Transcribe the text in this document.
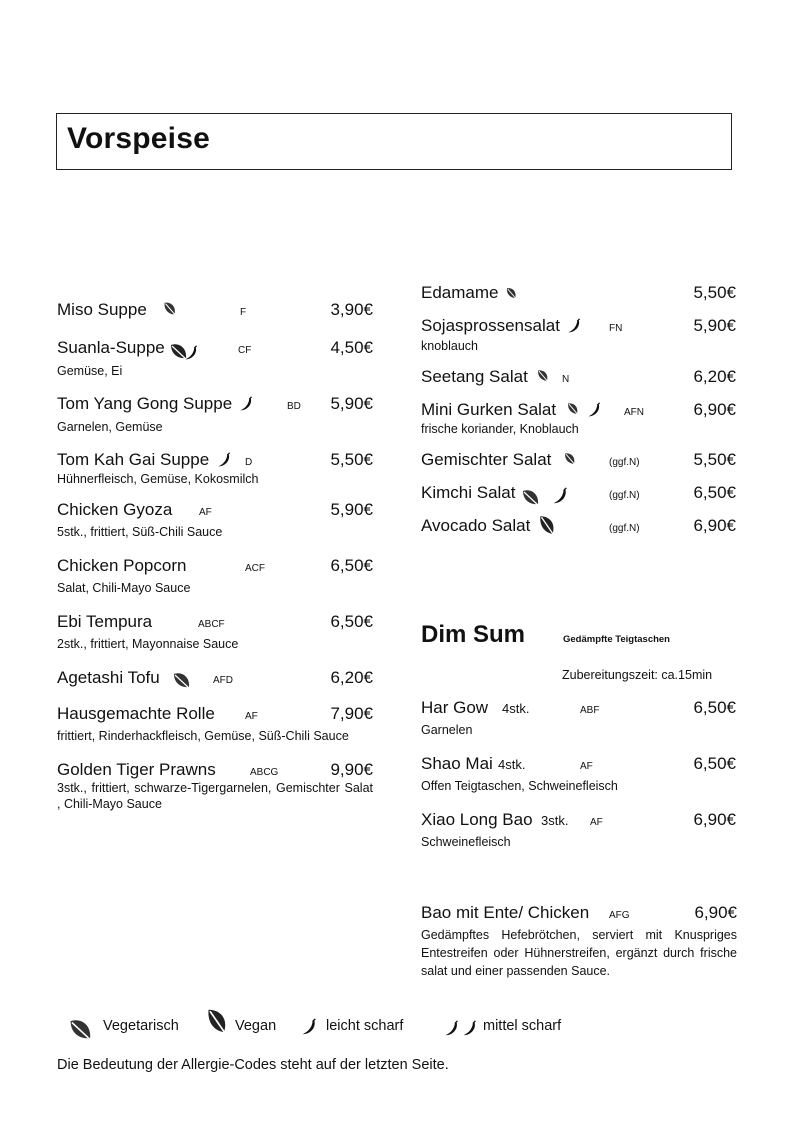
Vorspeise
Miso Suppe	F	3,90€
Suanla-Suppe	CF	4,50€
Gemüse, Ei
Tom Yang Gong Suppe	BD 5,90€
Garnelen, Gemüse
Tom Kah Gai Suppe	D	5,50€
Hühnerfleisch, Gemüse, Kokosmilch
Chicken Gyoza	AF	5,90€
5stk., frittiert, Süß-Chili Sauce
Chicken Popcorn	ACF	6,50€
Salat, Chili-Mayo Sauce
Ebi Tempura	ABCF	6,50€
2stk., frittiert, Mayonnaise Sauce
Agetashi Tofu	AFD	6,20€
Hausgemachte Rolle	AF	7,90€
frittiert, Rinderhackfleisch, Gemüse, Süß-Chili Sauce
Golden Tiger Prawns	ABCG	9,90€
3stk., frittiert, schwarze-Tigergarnelen, Gemischter Salat , Chili-Mayo Sauce
Edamame	5,50€
Sojasprossensalat	FN	5,90€
knoblauch
Seetang Salat	N	6,20€
Mini Gurken Salat	AFN	6,90€
frische koriander, Knoblauch
Gemischter Salat	(ggf.N)	5,50€
Kimchi Salat	(ggf.N)	6,50€
Avocado Salat	(ggf.N)	6,90€
Dim Sum	Gedämpfte Teigtaschen
Zubereitungszeit: ca.15min
Har Gow 4stk.	ABF	6,50€
Garnelen
Shao Mai 4stk.	AF	6,50€
Offen Teigtaschen, Schweinefleisch
Xiao Long Bao 3stk. AF	6,90€
Schweinefleisch
Bao mit Ente/ Chicken AFG	6,90€
Gedämpftes Hefebrötchen, serviert mit Knuspriges Entestreifen oder Hühnerstreifen, ergänzt durch frische salat und einer passenden Sauce.
Vegetarisch	Vegan	leicht scharf	mittel scharf
Die Bedeutung der Allergie-Codes steht auf der letzten Seite.
